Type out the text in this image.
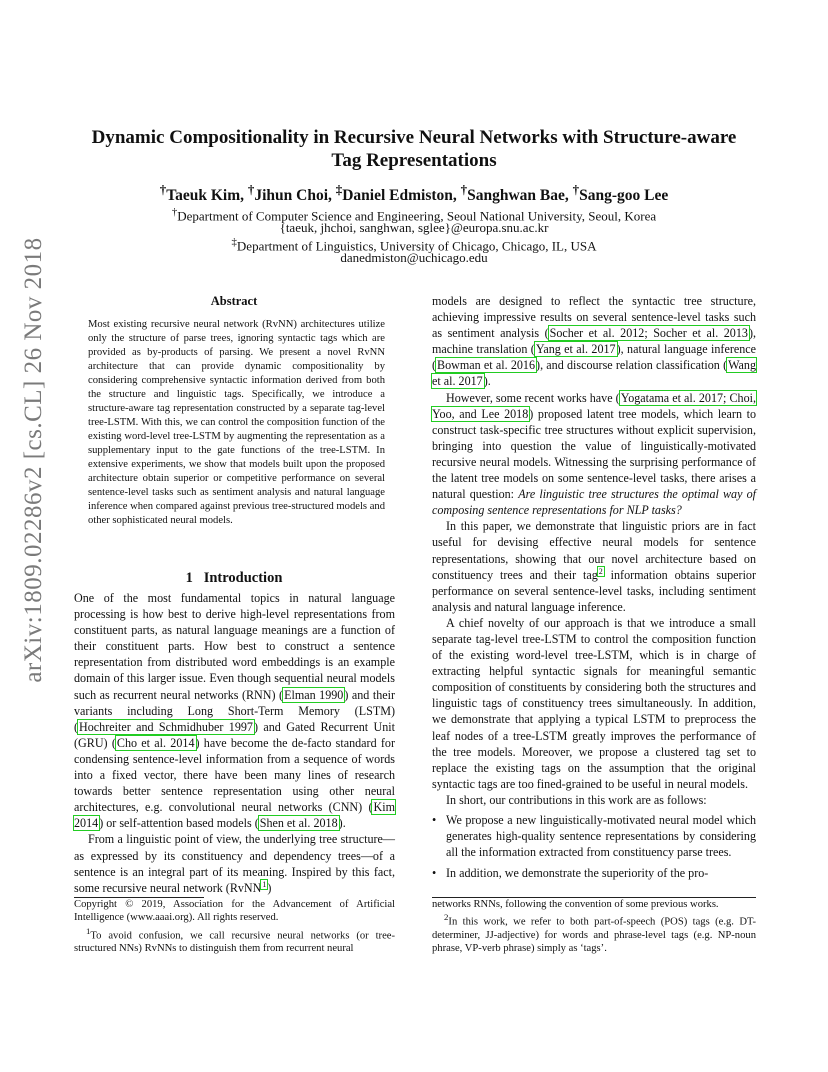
Dynamic Compositionality in Recursive Neural Networks with Structure-aware
Tag Representations
†Taeuk Kim, †Jihun Choi, ‡Daniel Edmiston, †Sanghwan Bae, †Sang-goo Lee
†Department of Computer Science and Engineering, Seoul National University, Seoul, Korea
{taeuk, jhchoi, sanghwan, sglee}@europa.snu.ac.kr
‡Department of Linguistics, University of Chicago, Chicago, IL, USA
danedmiston@uchicago.edu
arXiv:1809.02286v2 [cs.CL] 26 Nov 2018	Abstract
Most existing recursive neural network (RvNN) architectures utilize only the structure of parse trees, ignoring syntactic tags which are provided as by-products of parsing. We present a novel RvNN architecture that can provide dynamic compositionality by considering comprehensive syntactic information derived from both the structure and linguistic tags. Specifically, we introduce a structure-aware tag representation constructed by a separate tag-level tree-LSTM. With this, we can control the composition function of the existing word-level tree-LSTM by augmenting the representation as a supplementary input to the gate functions of the tree-LSTM. In extensive experiments, we show that models built upon the proposed architecture obtain superior or competitive performance on several sentence-level tasks such as sentiment analysis and natural language inference when compared against previous tree-structured models and other sophisticated neural models.
1 Introduction

One of the most fundamental topics in natural language processing is how best to derive high-level representations from constituent parts, as natural language meanings are a function of their constituent parts. How best to construct a sentence representation from distributed word embeddings is an example domain of this larger issue. Even though sequential neural models such as recurrent neural networks (RNN) (Elman 1990) and their variants including Long Short-Term Memory (LSTM) (Hochreiter and Schmidhuber 1997) and Gated Recurrent Unit (GRU) (Cho et al. 2014) have become the de-facto standard for condensing sentence-level information from a sequence of words into a fixed vector, there have been many lines of research towards better sentence representation using other neural architectures, e.g. convolutional neural networks (CNN) (Kim 2014) or self-attention based models (Shen et al. 2018).

From a linguistic point of view, the underlying tree structure—as expressed by its constituency and dependency trees—of a sentence is an integral part of its meaning. Inspired by this fact, some recursive neural network (RvNN$^1$)

Copyright © 2019, Association for the Advancement of Artificial Intelligence (www.aaai.org). All rights reserved.

$^1$To avoid confusion, we call recursive neural networks (or tree-structured NNs) RvNNs to distinguish them from recurrent neural

models are designed to reflect the syntactic tree structure, achieving impressive results on several sentence-level tasks such as sentiment analysis (Socher et al. 2012; Socher et al. 2013), machine translation (Yang et al. 2017), natural language inference (Bowman et al. 2016), and discourse relation classification (Wang et al. 2017).

However, some recent works have (Yogatama et al. 2017; Choi, Yoo, and Lee 2018) proposed latent tree models, which learn to construct task-specific tree structures without explicit supervision, bringing into question the value of linguistically-motivated recursive neural models. Witnessing the surprising performance of the latent tree models on some sentence-level tasks, there arises a natural question: Are linguistic tree structures the optimal way of composing sentence representations for NLP tasks?

In this paper, we demonstrate that linguistic priors are in fact useful for devising effective neural models for sentence representations, showing that our novel architecture based on constituency trees and their tag$^2$ information obtains superior performance on several sentence-level tasks, including sentiment analysis and natural language inference.

A chief novelty of our approach is that we introduce a small separate tag-level tree-LSTM to control the composition function of the existing word-level tree-LSTM, which is in charge of extracting helpful syntactic signals for meaningful semantic composition of constituents by considering both the structures and linguistic tags of constituency trees simultaneously. In addition, we demonstrate that applying a typical LSTM to preprocess the leaf nodes of a tree-LSTM greatly improves the performance of the tree models. Moreover, we propose a clustered tag set to replace the existing tags on the assumption that the original syntactic tags are too fined-grained to be useful in neural models.

In short, our contributions in this work are as follows:

• We propose a new linguistically-motivated neural model which generates high-quality sentence representations by considering all the information extracted from constituency parse trees.
• In addition, we demonstrate the superiority of the pro-

networks RNNs, following the convention of some previous works.

$^2$In this work, we refer to both part-of-speech (POS) tags (e.g. DT-determiner, JJ-adjective) for words and phrase-level tags (e.g. NP-noun phrase, VP-verb phrase) simply as ‘tags’.
